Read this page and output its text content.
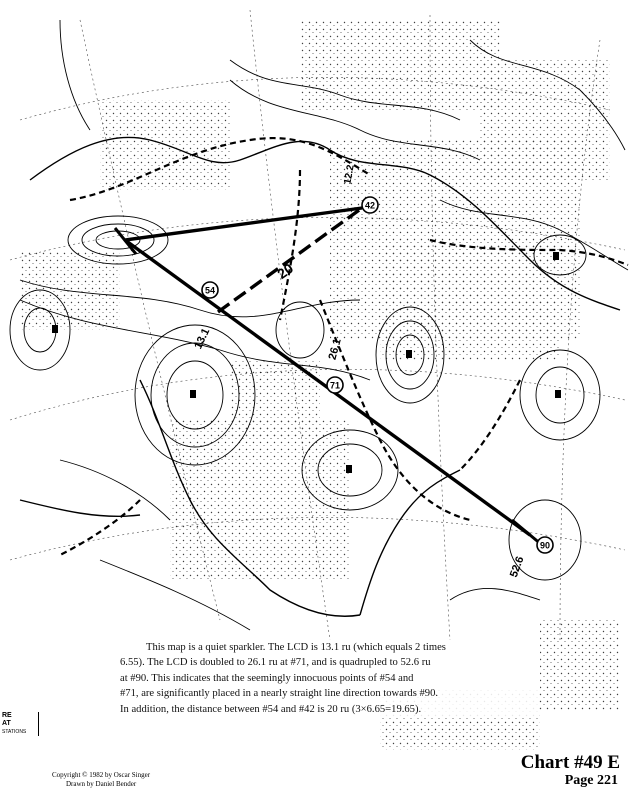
42
54
71
90
20
13.1	26.1
52.6
12.2
RE
AT
STATIONS
This map is a quiet sparkler. The LCD is 13.1 ru (which equals 2 times
6.55). The LCD is doubled to 26.1 ru at #71, and is quadrupled to 52.6 ru
at #90. This indicates that the seemingly innocuous points of #54 and
#71, are significantly placed in a nearly straight line direction towards #90.
In addition, the distance between #54 and #42 is 20 ru (3×6.65=19.65).
Copyright © 1982 by Oscar Singer
Drawn by Daniel Bender
Chart #49 E
Page 221
